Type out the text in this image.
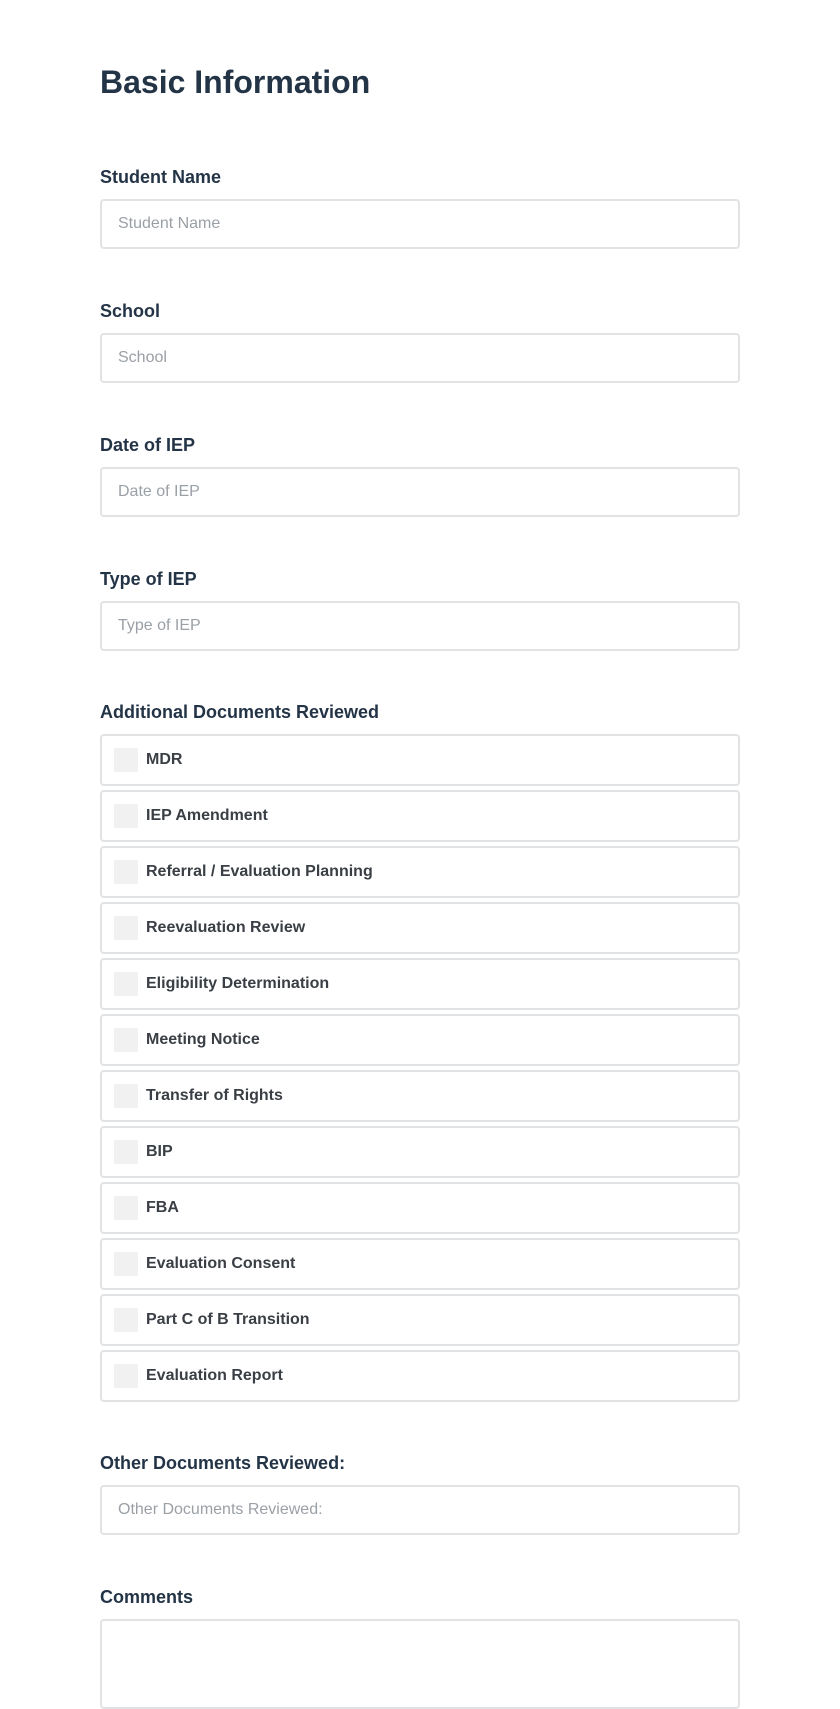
Basic Information
Student Name
Student Name
School
School
Date of IEP
Date of IEP
Type of IEP
Type of IEP
Additional Documents Reviewed
MDR
IEP Amendment
Referral / Evaluation Planning
Reevaluation Review
Eligibility Determination
Meeting Notice
Transfer of Rights
BIP
FBA
Evaluation Consent
Part C of B Transition
Evaluation Report
Other Documents Reviewed:
Other Documents Reviewed:
Comments
